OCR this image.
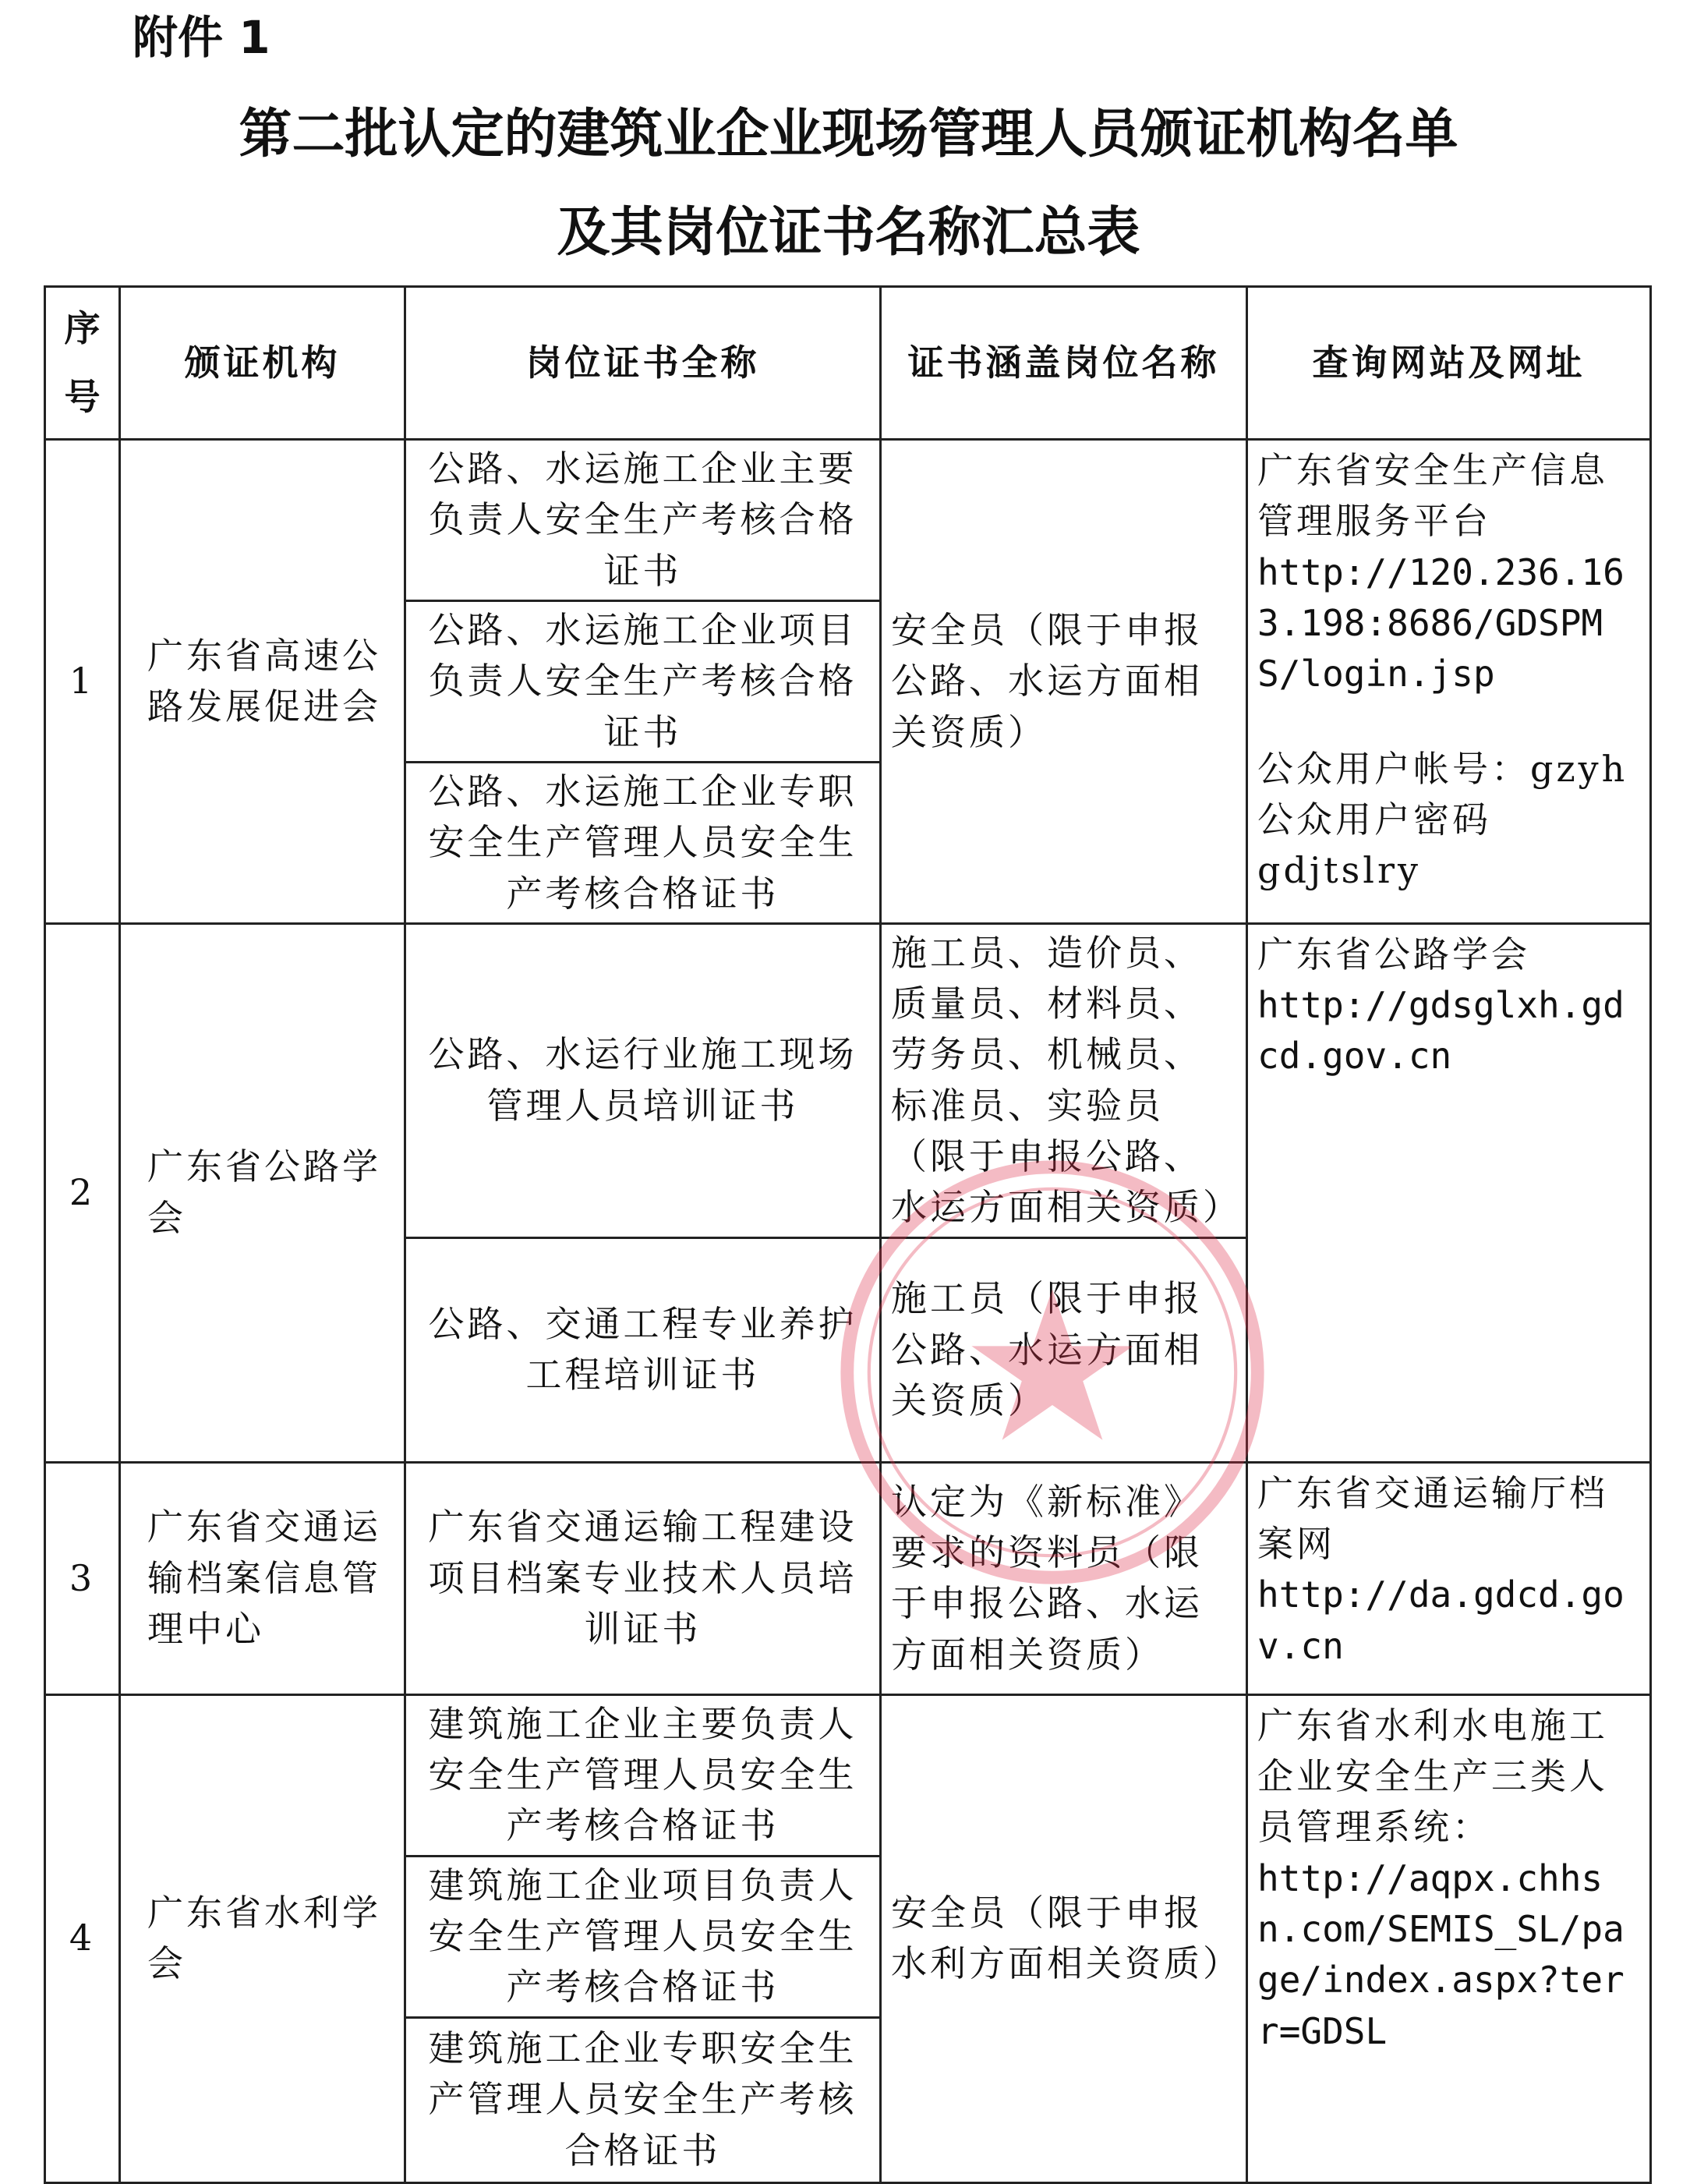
附件 1
第二批认定的建筑业企业现场管理人员颁证机构名单
及其岗位证书名称汇总表
序号	颁证机构	岗位证书全称	证书涵盖岗位名称	查询网站及网址
1	广东省高速公路发展促进会	公路、水运施工企业主要负责人安全生产考核合格证书	安全员（限于申报公路、水运方面相关资质）	广东省安全生产信息管理服务平台
http://120.236.163.198:8686/GDSPMS/login.jsp
公众用户帐号：gzyh
公众用户密码
gdjtslry

		公路、水运施工企业项目负责人安全生产考核合格证书		
		公路、水运施工企业专职安全生产管理人员安全生产考核合格证书		
2	广东省公路学会	公路、水运行业施工现场管理人员培训证书	施工员、造价员、质量员、材料员、劳务员、机械员、标准员、实验员（限于申报公路、水运方面相关资质）	广东省公路学会
http://gdsglxh.gdcd.gov.cn

		公路、交通工程专业养护工程培训证书	施工员（限于申报公路、水运方面相关资质）	
3	广东省交通运输档案信息管理中心	广东省交通运输工程建设项目档案专业技术人员培训证书	认定为《新标准》要求的资料员（限于申报公路、水运方面相关资质）	广东省交通运输厅档案网
http://da.gdcd.gov.cn

4	广东省水利学会	建筑施工企业主要负责人安全生产管理人员安全生产考核合格证书	安全员（限于申报水利方面相关资质）	广东省水利水电施工企业安全生产三类人员管理系统：
http://aqpx.chhsn.com/SEMIS_SL/page/index.aspx?terr=GDSL

		建筑施工企业项目负责人安全生产管理人员安全生产考核合格证书		
		建筑施工企业专职安全生产管理人员安全生产考核合格证书		
